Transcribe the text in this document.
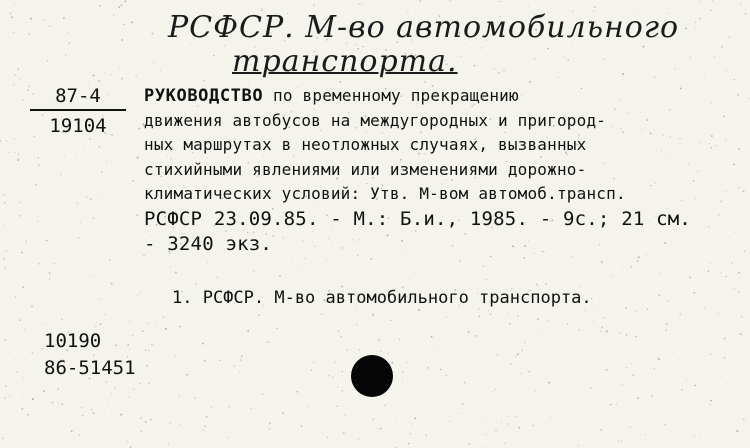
РСФСР. М-во автомобильного
транспорта.
87-4
19104
РУКОВОДСТВО по временному прекращению
движения автобусов на междугородных и пригород-
ных маршрутах в неотложных случаях, вызванных
стихийными явлениями или изменениями дорожно-
климатических условий: Утв. М-вом автомоб.трансп.
РСФСР 23.09.85. - М.: Б.и., 1985. - 9с.; 21 см.
- 3240 экз.
1. РСФСР. М-во автомобильного транспорта.
10190
86-51451
